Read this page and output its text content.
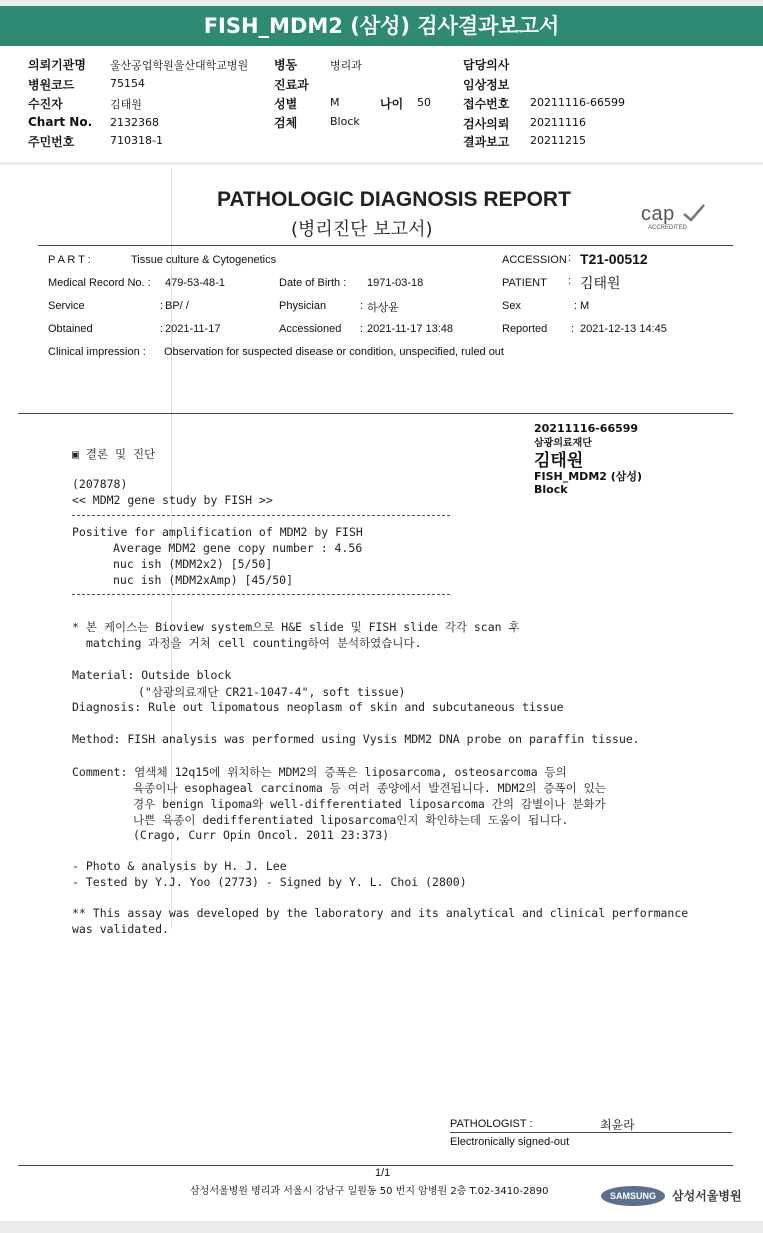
FISH_MDM2 (삼성) 검사결과보고서
의뢰기관명 울산공업학원울산대학교병원
병원코드	75154
수진자	김태원
Chart No. 2132368
주민번호	710318-1
병동	병리과
진료과
성별	M	나이 50
검체	Block
담당의사
임상정보
접수번호 20211116-66599
검사의뢰 20211116
결과보고 20211215
PATHOLOGIC DIAGNOSIS REPORT
(병리진단 보고서)
cap
ACCREDITED
P A R T :	Tissue culture & Cytogenetics	ACCESSION : T21-00512
Medical Record No. : 479-53-48-1	Date of Birth : 1971-03-18	PATIENT : 김태원
Service	: BP/ /	Physician	: 하상윤	Sex	: M
Obtained	: 2021-11-17	Accessioned : 2021-11-17 13:48	Reported : 2021-12-13 14:45
Clinical impression : Observation for suspected disease or condition, unspecified, ruled out
20211116-66599
삼광의료재단
김태원
FISH_MDM2 (삼성)
Block
▣ 결론 및 진단
(207878)
<< MDM2 gene study by FISH >>
Positive for amplification of MDM2 by FISH
Average MDM2 gene copy number : 4.56
nuc ish (MDM2x2) [5/50]
nuc ish (MDM2xAmp) [45/50]
* 본 케이스는 Bioview system으로 H&E slide 및 FISH slide 각각 scan 후
matching 과정을 거쳐 cell counting하여 분석하였습니다.
Material: Outside block
("삼광의료재단 CR21-1047-4", soft tissue)
Diagnosis: Rule out lipomatous neoplasm of skin and subcutaneous tissue
Method: FISH analysis was performed using Vysis MDM2 DNA probe on paraffin tissue.
Comment: 염색체 12q15에 위치하는 MDM2의 증폭은 liposarcoma, osteosarcoma 등의
육종이나 esophageal carcinoma 등 여러 종양에서 발견됩니다. MDM2의 증폭이 있는
경우 benign lipoma와 well-differentiated liposarcoma 간의 감별이나 분화가
나쁜 육종이 dedifferentiated liposarcoma인지 확인하는데 도움이 됩니다.
(Crago, Curr Opin Oncol. 2011 23:373)
- Photo & analysis by H. J. Lee
- Tested by Y.J. Yoo (2773) - Signed by Y. L. Choi (2800)
** This assay was developed by the laboratory and its analytical and clinical performance
was validated.
PATHOLOGIST :	최윤라
Electronically signed-out
1/1
삼성서울병원 병리과 서울시 강남구 일원동 50 번지 암병원 2층 T.02-3410-2890	SAMSUNG	삼성서울병원
